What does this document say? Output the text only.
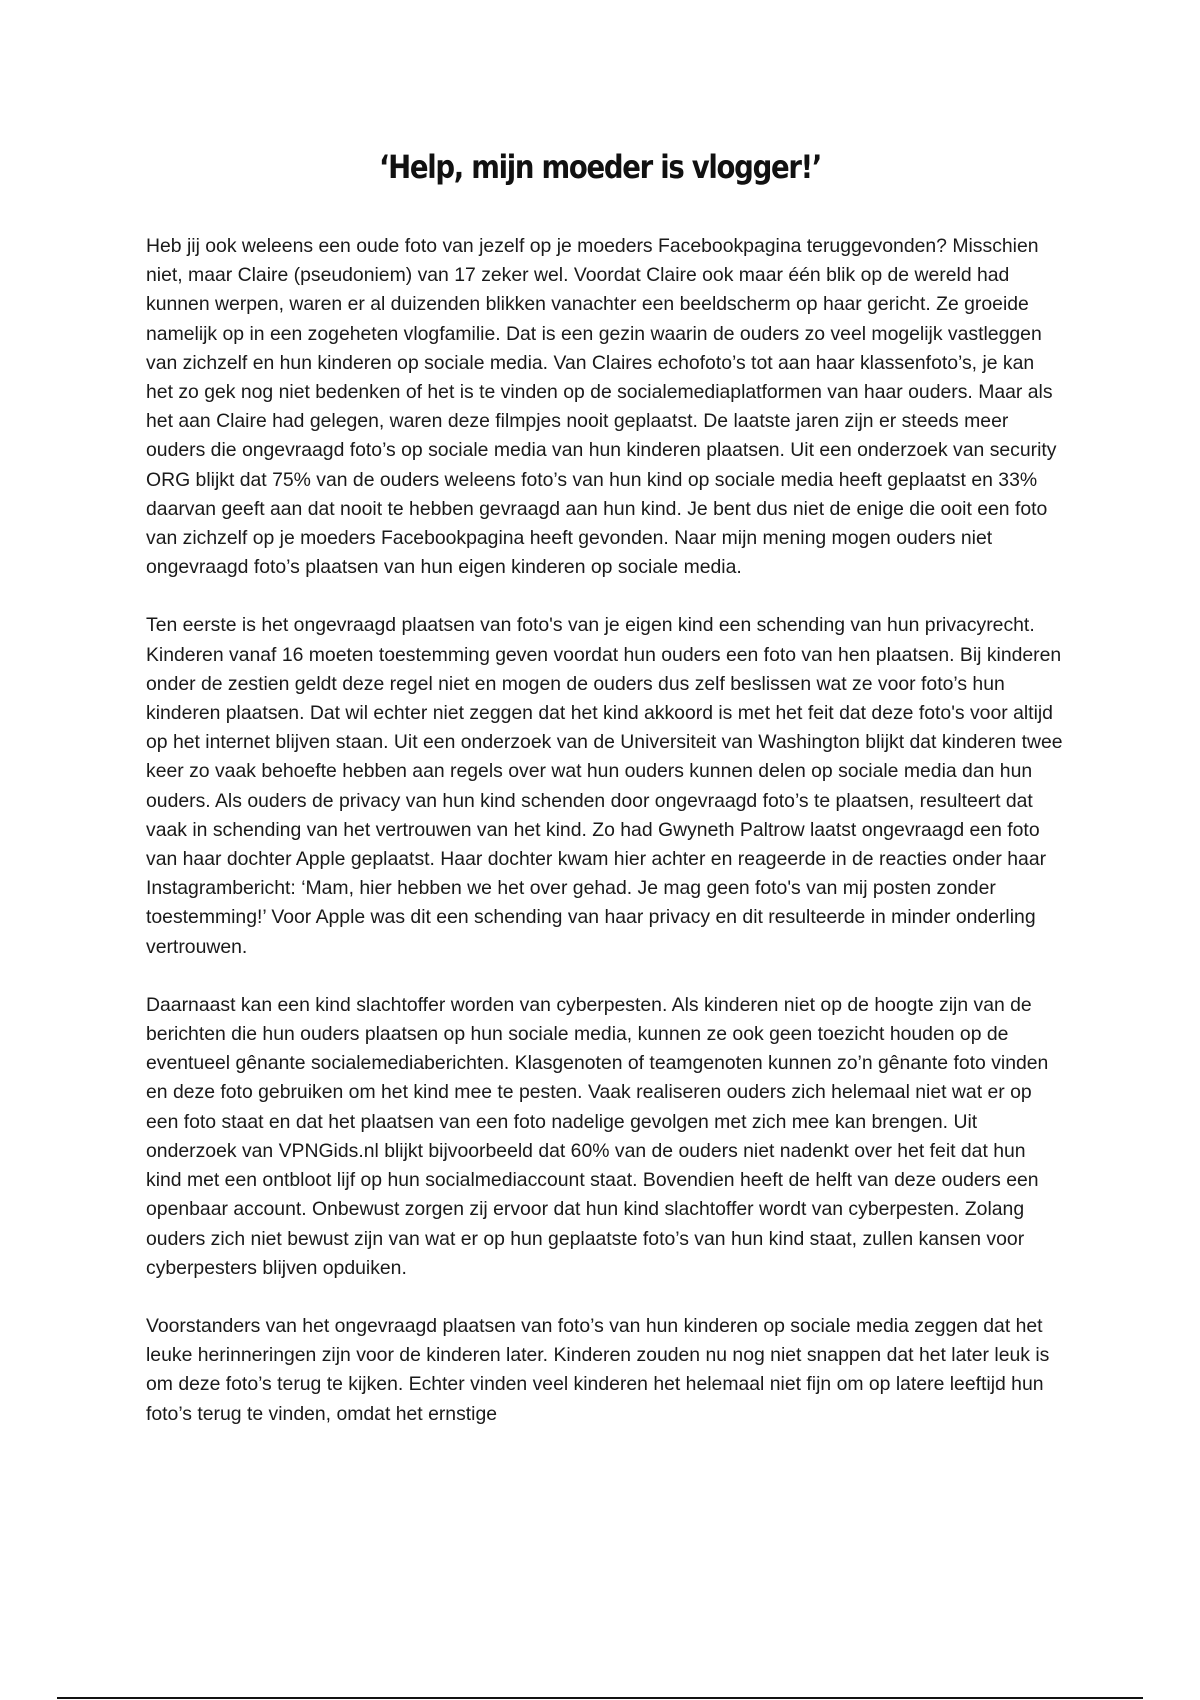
‘Help, mijn moeder is vlogger!’

Heb jij ook weleens een oude foto van jezelf op je moeders Facebookpagina teruggevonden? Misschien niet, maar Claire (pseudoniem) van 17 zeker wel. Voordat Claire ook maar één blik op de wereld had kunnen werpen, waren er al duizenden blikken vanachter een beeldscherm op haar gericht. Ze groeide namelijk op in een zogeheten vlogfamilie. Dat is een gezin waarin de ouders zo veel mogelijk vastleggen van zichzelf en hun kinderen op sociale media. Van Claires echofoto’s tot aan haar klassenfoto’s, je kan het zo gek nog niet bedenken of het is te vinden op de socialemediaplatformen van haar ouders. Maar als het aan Claire had gelegen, waren deze filmpjes nooit geplaatst. De laatste jaren zijn er steeds meer ouders die ongevraagd foto’s op sociale media van hun kinderen plaatsen. Uit een onderzoek van security ORG blijkt dat 75% van de ouders weleens foto’s van hun kind op sociale media heeft geplaatst en 33% daarvan geeft aan dat nooit te hebben gevraagd aan hun kind. Je bent dus niet de enige die ooit een foto van zichzelf op je moeders Facebookpagina heeft gevonden. Naar mijn mening mogen ouders niet ongevraagd foto’s plaatsen van hun eigen kinderen op sociale media.

Ten eerste is het ongevraagd plaatsen van foto's van je eigen kind een schending van hun privacyrecht. Kinderen vanaf 16 moeten toestemming geven voordat hun ouders een foto van hen plaatsen. Bij kinderen onder de zestien geldt deze regel niet en mogen de ouders dus zelf beslissen wat ze voor foto’s hun kinderen plaatsen. Dat wil echter niet zeggen dat het kind akkoord is met het feit dat deze foto's voor altijd op het internet blijven staan. Uit een onderzoek van de Universiteit van Washington blijkt dat kinderen twee keer zo vaak behoefte hebben aan regels over wat hun ouders kunnen delen op sociale media dan hun ouders. Als ouders de privacy van hun kind schenden door ongevraagd foto’s te plaatsen, resulteert dat vaak in schending van het vertrouwen van het kind. Zo had Gwyneth Paltrow laatst ongevraagd een foto van haar dochter Apple geplaatst. Haar dochter kwam hier achter en reageerde in de reacties onder haar Instagrambericht: ‘Mam, hier hebben we het over gehad. Je mag geen foto's van mij posten zonder toestemming!’ Voor Apple was dit een schending van haar privacy en dit resulteerde in minder onderling vertrouwen.

Daarnaast kan een kind slachtoffer worden van cyberpesten. Als kinderen niet op de hoogte zijn van de berichten die hun ouders plaatsen op hun sociale media, kunnen ze ook geen toezicht houden op de eventueel gênante socialemediaberichten. Klasgenoten of teamgenoten kunnen zo’n gênante foto vinden en deze foto gebruiken om het kind mee te pesten. Vaak realiseren ouders zich helemaal niet wat er op een foto staat en dat het plaatsen van een foto nadelige gevolgen met zich mee kan brengen. Uit onderzoek van VPNGids.nl blijkt bijvoorbeeld dat 60% van de ouders niet nadenkt over het feit dat hun kind met een ontbloot lijf op hun socialmediaccount staat. Bovendien heeft de helft van deze ouders een openbaar account. Onbewust zorgen zij ervoor dat hun kind slachtoffer wordt van cyberpesten. Zolang ouders zich niet bewust zijn van wat er op hun geplaatste foto’s van hun kind staat, zullen kansen voor cyberpesters blijven opduiken.

Voorstanders van het ongevraagd plaatsen van foto’s van hun kinderen op sociale media zeggen dat het leuke herinneringen zijn voor de kinderen later. Kinderen zouden nu nog niet snappen dat het later leuk is om deze foto’s terug te kijken. Echter vinden veel kinderen het helemaal niet fijn om op latere leeftijd hun foto’s terug te vinden, omdat het ernstige
